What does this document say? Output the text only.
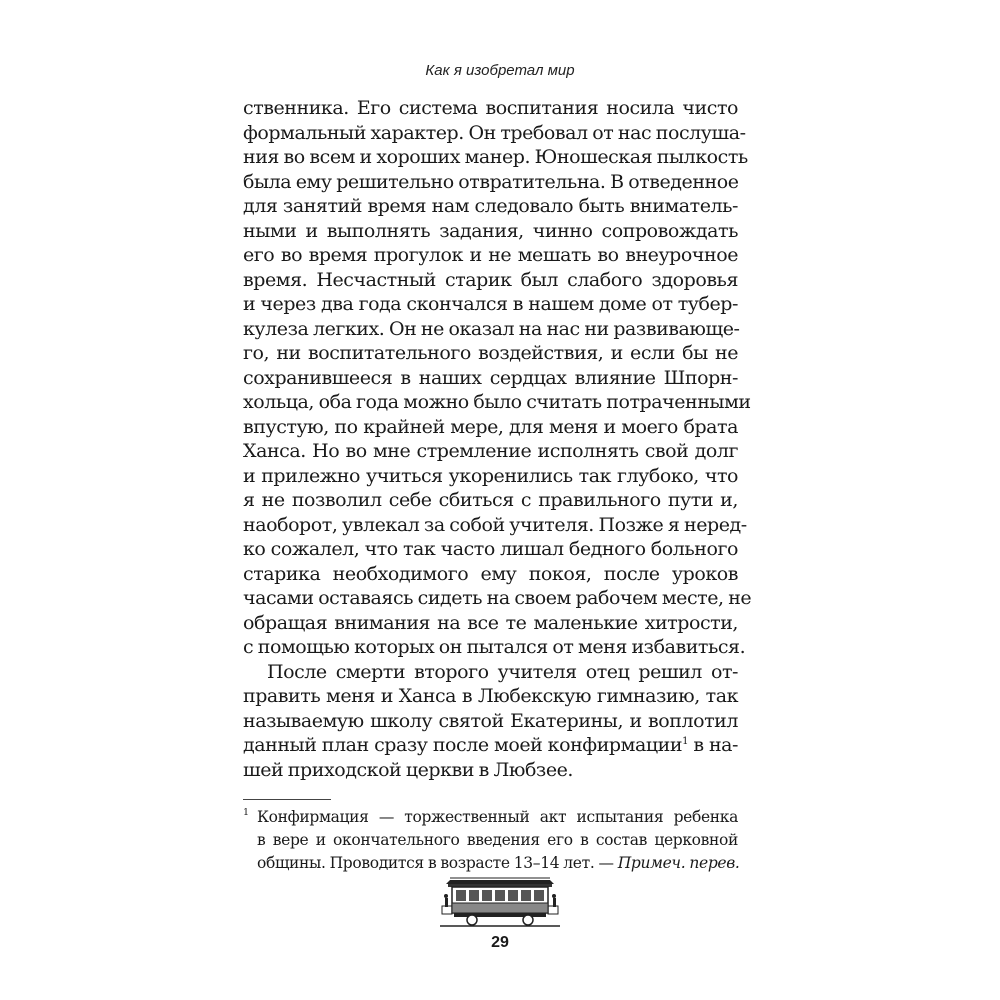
Как я изобретал мир
ственника. Его система воспитания носила чисто
формальный характер. Он требовал от нас послуша-
ния во всем и хороших манер. Юношеская пылкость
была ему решительно отвратительна. В отведенное
для занятий время нам следовало быть вниматель-
ными и выполнять задания, чинно сопровождать
его во время прогулок и не мешать во внеурочное
время. Несчастный старик был слабого здоровья
и через два года скончался в нашем доме от тубер-
кулеза легких. Он не оказал на нас ни развивающе-
го, ни воспитательного воздействия, и если бы не
сохранившееся в наших сердцах влияние Шпорн-
хольца, оба года можно было считать потраченными
впустую, по крайней мере, для меня и моего брата
Ханса. Но во мне стремление исполнять свой долг
и прилежно учиться укоренились так глубоко, что
я не позволил себе сбиться с правильного пути и,
наоборот, увлекал за собой учителя. Позже я неред-
ко сожалел, что так часто лишал бедного больного
старика необходимого ему покоя, после уроков
часами оставаясь сидеть на своем рабочем месте, не
обращая внимания на все те маленькие хитрости,
с помощью которых он пытался от меня избавиться.
После смерти второго учителя отец решил от-
править меня и Ханса в Любекскую гимназию, так
называемую школу святой Екатерины, и воплотил
данный план сразу после моей конфирмации$^1$ в на-
шей приходской церкви в Любзее.
1 Конфирмация — торжественный акт испытания ребенка
в вере и окончательного введения его в состав церковной
общины. Проводится в возрасте 13–14 лет. — Примеч. перев.
29
